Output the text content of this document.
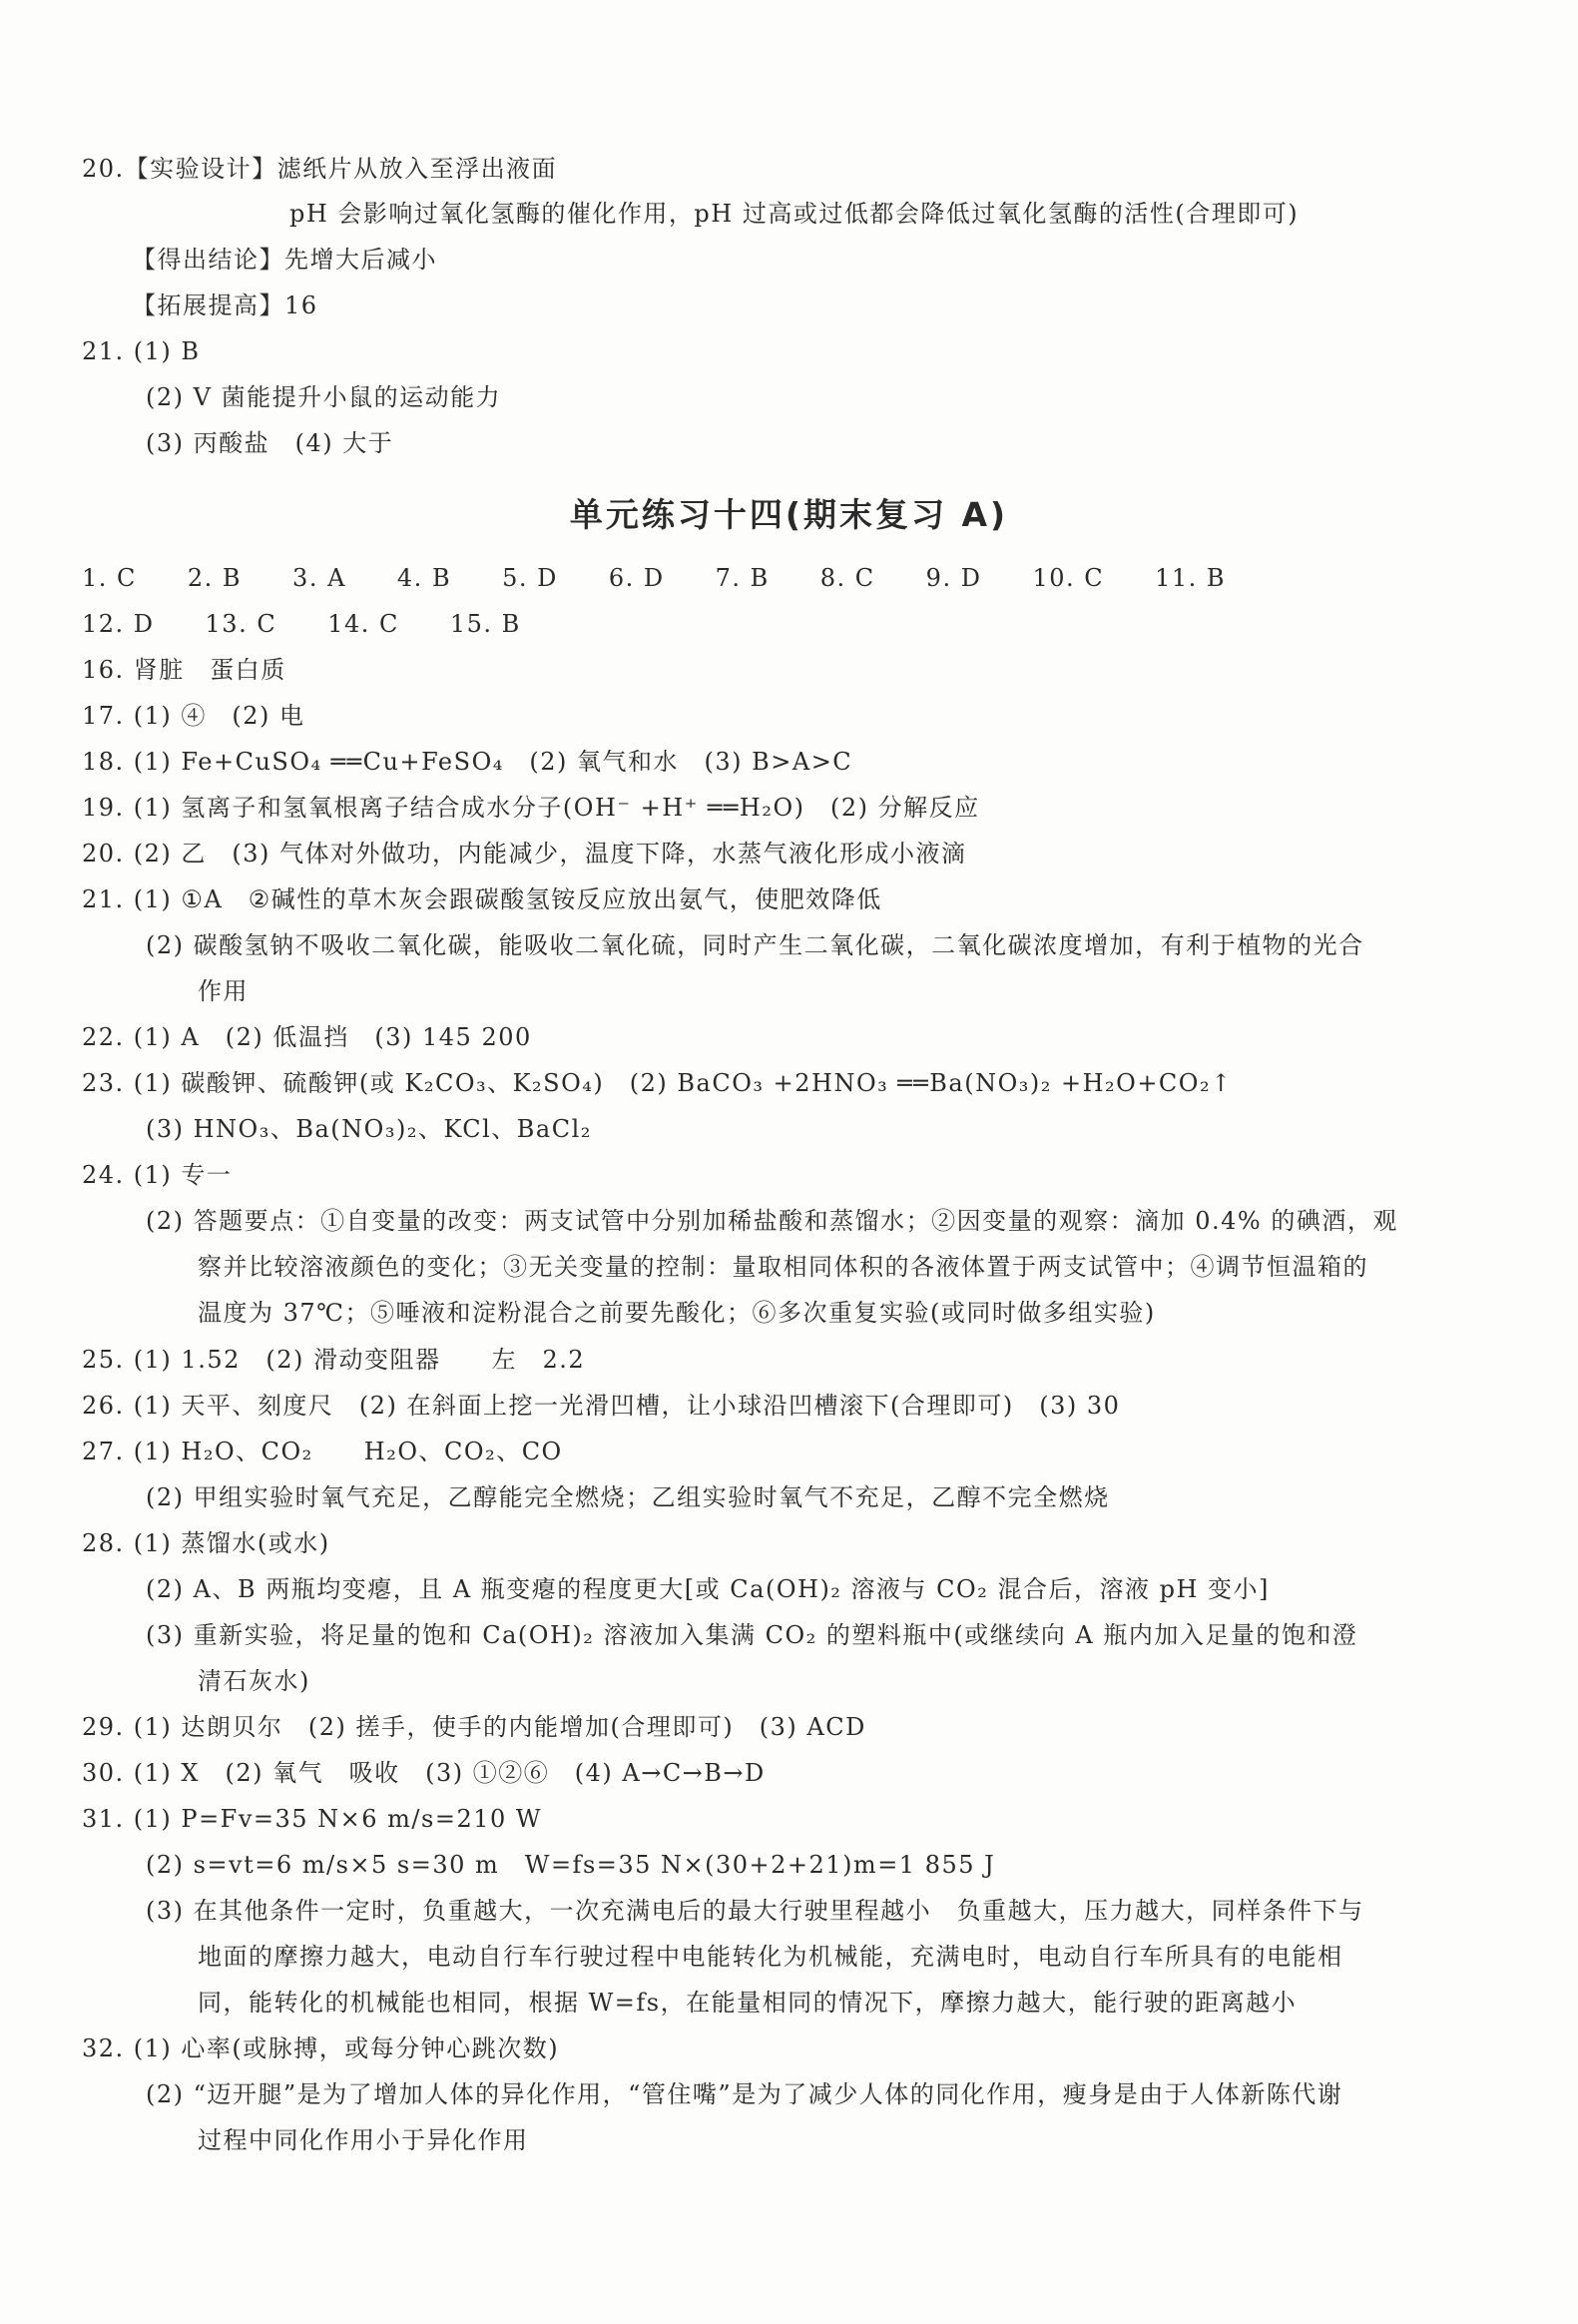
20.【实验设计】滤纸片从放入至浮出液面
pH 会影响过氧化氢酶的催化作用，pH 过高或过低都会降低过氧化氢酶的活性(合理即可)
【得出结论】先增大后减小
【拓展提高】16
21. (1) B
(2) V 菌能提升小鼠的运动能力
(3) 丙酸盐　(4) 大于
单元练习十四(期末复习 A)
1. C　　2. B　　3. A　　4. B　　5. D　　6. D　　7. B　　8. C　　9. D　　10. C　　11. B
12. D　　13. C　　14. C　　15. B
16. 肾脏　蛋白质
17. (1) ④　(2) 电
18. (1) Fe+CuSO₄ ══Cu+FeSO₄　(2) 氧气和水　(3) B>A>C
19. (1) 氢离子和氢氧根离子结合成水分子(OH⁻ +H⁺ ══H₂O)　(2) 分解反应
20. (2) 乙　(3) 气体对外做功，内能减少，温度下降，水蒸气液化形成小液滴
21. (1) ①A　②碱性的草木灰会跟碳酸氢铵反应放出氨气，使肥效降低
(2) 碳酸氢钠不吸收二氧化碳，能吸收二氧化硫，同时产生二氧化碳，二氧化碳浓度增加，有利于植物的光合
作用
22. (1) A　(2) 低温挡　(3) 145 200
23. (1) 碳酸钾、硫酸钾(或 K₂CO₃、K₂SO₄)　(2) BaCO₃ +2HNO₃ ══Ba(NO₃)₂ +H₂O+CO₂↑
(3) HNO₃、Ba(NO₃)₂、KCl、BaCl₂
24. (1) 专一
(2) 答题要点：①自变量的改变：两支试管中分别加稀盐酸和蒸馏水；②因变量的观察：滴加 0.4% 的碘酒，观
察并比较溶液颜色的变化；③无关变量的控制：量取相同体积的各液体置于两支试管中；④调节恒温箱的
温度为 37℃；⑤唾液和淀粉混合之前要先酸化；⑥多次重复实验(或同时做多组实验)
25. (1) 1.52　(2) 滑动变阻器　　左　2.2
26. (1) 天平、刻度尺　(2) 在斜面上挖一光滑凹槽，让小球沿凹槽滚下(合理即可)　(3) 30
27. (1) H₂O、CO₂　　H₂O、CO₂、CO
(2) 甲组实验时氧气充足，乙醇能完全燃烧；乙组实验时氧气不充足，乙醇不完全燃烧
28. (1) 蒸馏水(或水)
(2) A、B 两瓶均变瘪，且 A 瓶变瘪的程度更大[或 Ca(OH)₂ 溶液与 CO₂ 混合后，溶液 pH 变小]
(3) 重新实验，将足量的饱和 Ca(OH)₂ 溶液加入集满 CO₂ 的塑料瓶中(或继续向 A 瓶内加入足量的饱和澄
清石灰水)
29. (1) 达朗贝尔　(2) 搓手，使手的内能增加(合理即可)　(3) ACD
30. (1) X　(2) 氧气　吸收　(3) ①②⑥　(4) A→C→B→D
31. (1) P=Fv=35 N×6 m/s=210 W
(2) s=vt=6 m/s×5 s=30 m　W=fs=35 N×(30+2+21)m=1 855 J
(3) 在其他条件一定时，负重越大，一次充满电后的最大行驶里程越小　负重越大，压力越大，同样条件下与
地面的摩擦力越大，电动自行车行驶过程中电能转化为机械能，充满电时，电动自行车所具有的电能相
同，能转化的机械能也相同，根据 W=fs，在能量相同的情况下，摩擦力越大，能行驶的距离越小
32. (1) 心率(或脉搏，或每分钟心跳次数)
(2) “迈开腿”是为了增加人体的异化作用，“管住嘴”是为了减少人体的同化作用，瘦身是由于人体新陈代谢
过程中同化作用小于异化作用
